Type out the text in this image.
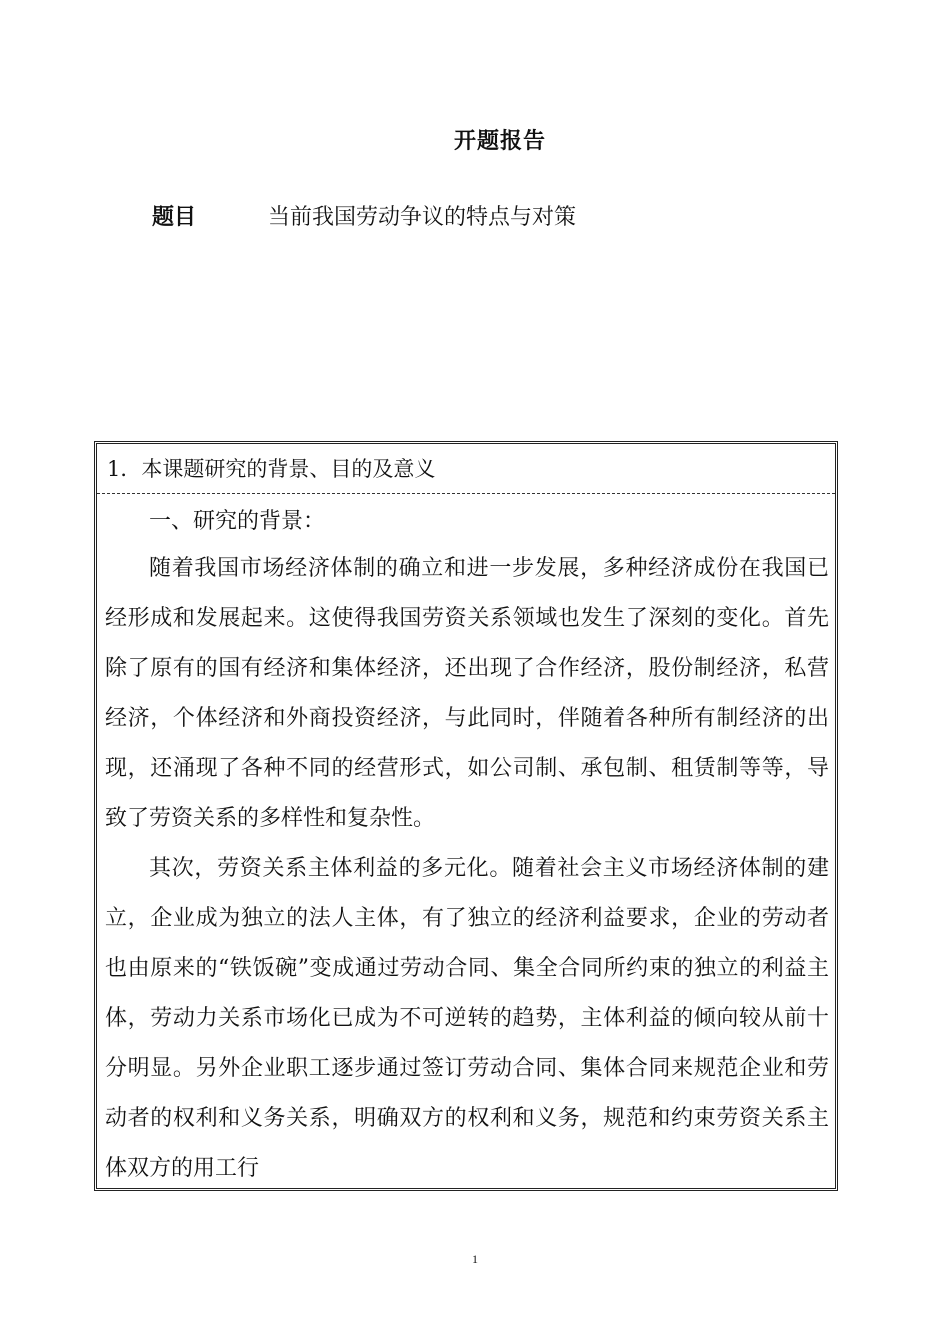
开题报告
题目	当前我国劳动争议的特点与对策
1．本课题研究的背景、目的及意义

一、研究的背景：

随着我国市场经济体制的确立和进一步发展，多种经济成份在我国已经形成和发展起来。这使得我国劳资关系领域也发生了深刻的变化。首先除了原有的国有经济和集体经济，还出现了合作经济，股份制经济，私营经济，个体经济和外商投资经济，与此同时，伴随着各种所有制经济的出现，还涌现了各种不同的经营形式，如公司制、承包制、租赁制等等，导致了劳资关系的多样性和复杂性。

其次，劳资关系主体利益的多元化。随着社会主义市场经济体制的建立，企业成为独立的法人主体，有了独立的经济利益要求，企业的劳动者也由原来的“铁饭碗”变成通过劳动合同、集全合同所约束的独立的利益主体，劳动力关系市场化已成为不可逆转的趋势，主体利益的倾向较从前十分明显。另外企业职工逐步通过签订劳动合同、集体合同来规范企业和劳动者的权利和义务关系，明确双方的权利和义务，规范和约束劳资关系主体双方的用工行

1
